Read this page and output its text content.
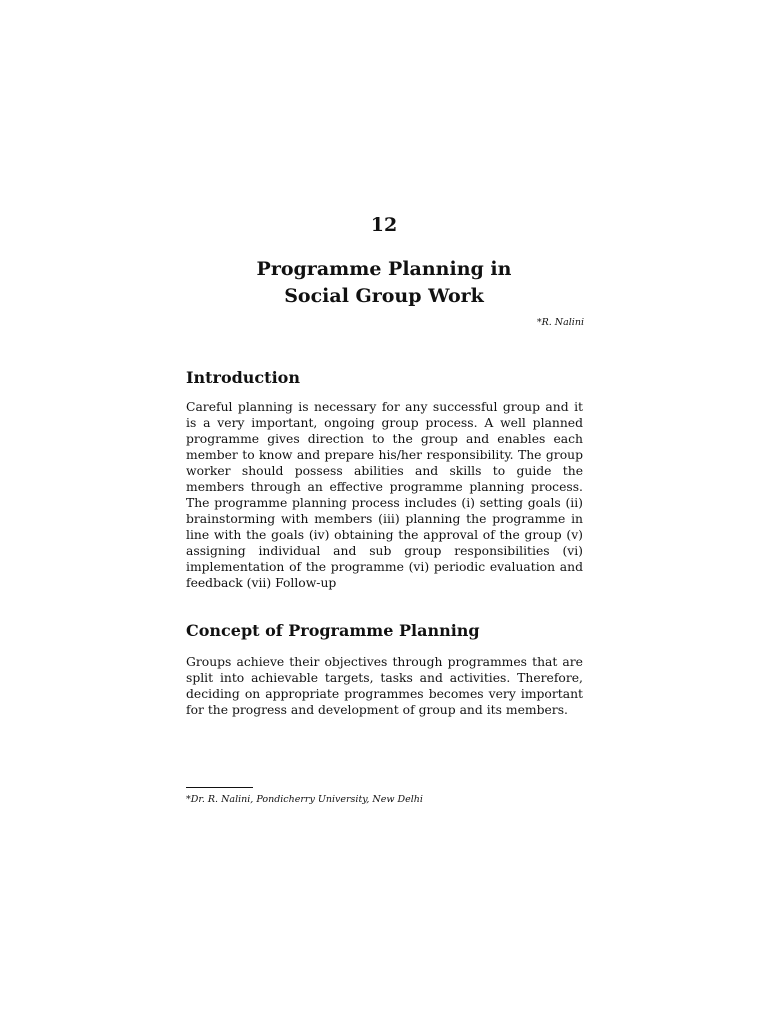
12
Programme Planning in
Social Group Work
*R. Nalini
Introduction

Careful planning is necessary for any successful group and it is a very important, ongoing group process. A well planned programme gives direction to the group and enables each member to know and prepare his/her responsibility. The group worker should possess abilities and skills to guide the members through an effective programme planning process. The programme planning process includes (i) setting goals (ii) brainstorming with members (iii) planning the programme in line with the goals (iv) obtaining the approval of the group (v) assigning individual and sub group responsibilities (vi) implementation of the programme (vi) periodic evaluation and feedback (vii) Follow-up

Concept of Programme Planning

Groups achieve their objectives through programmes that are split into achievable targets, tasks and activities. Therefore, deciding on appropriate programmes becomes very important for the progress and development of group and its members.

*Dr. R. Nalini, Pondicherry University, New Delhi
